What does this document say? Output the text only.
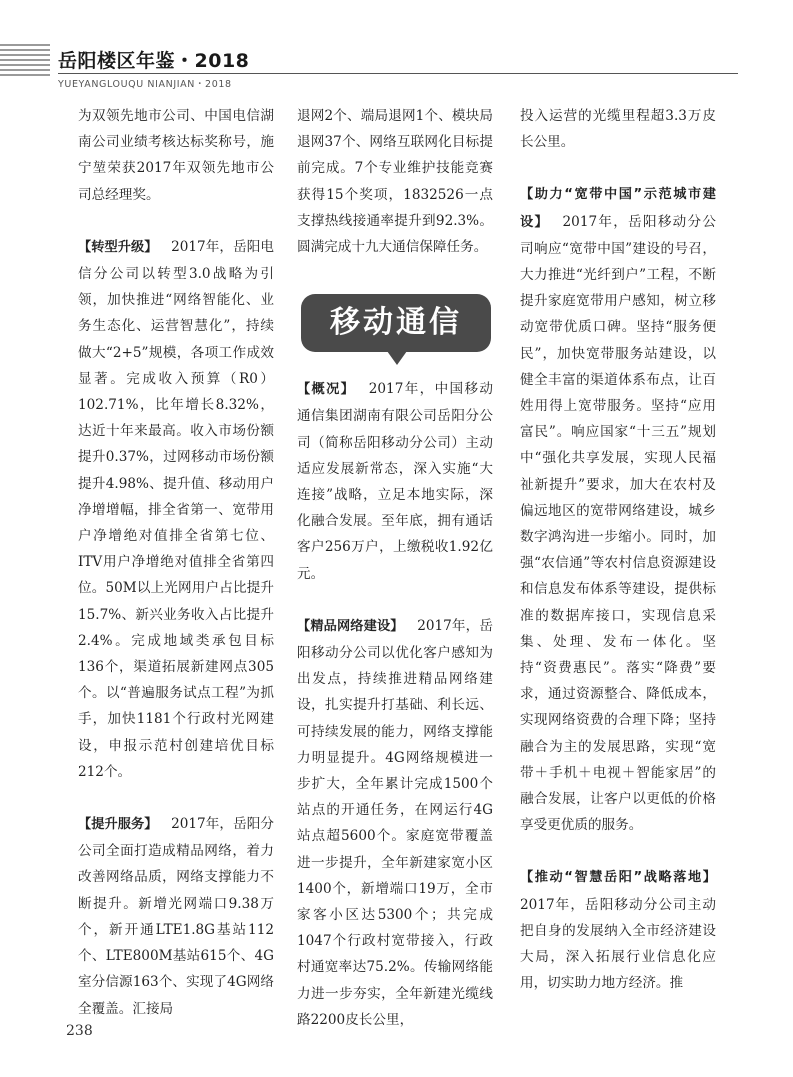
岳阳楼区年鉴・2018
YUEYANGLOUQU NIANJIAN・2018

为双领先地市公司、中国电信湖南公司业绩考核达标奖称号，施宁堃荣获2017年双领先地市公司总经理奖。

【转型升级】  2017年，岳阳电信分公司以转型3.0战略为引领，加快推进“网络智能化、业务生态化、运营智慧化”，持续做大“2+5”规模，各项工作成效显著。完成收入预算（R0）102.71%，比年增长8.32%，达近十年来最高。收入市场份额提升0.37%，过网移动市场份额提升4.98%、提升值、移动用户净增增幅，排全省第一、宽带用户净增绝对值排全省第七位、ITV用户净增绝对值排全省第四位。50M以上光网用户占比提升15.7%、新兴业务收入占比提升2.4%。完成地域类承包目标136个，渠道拓展新建网点305个。以“普遍服务试点工程”为抓手，加快1181个行政村光网建设，申报示范村创建培优目标212个。

【提升服务】  2017年，岳阳分公司全面打造成精品网络，着力改善网络品质，网络支撑能力不断提升。新增光网端口9.38万个，新开通LTE1.8G基站112个、LTE800M基站615个、4G室分信源163个、实现了4G网络全覆盖。汇接局

退网2个、端局退网1个、模块局退网37个、网络互联网化目标提前完成。7个专业维护技能竞赛获得15个奖项，1832526一点支撑热线接通率提升到92.3%。圆满完成十九大通信保障任务。

移动通信

【概况】  2017年，中国移动通信集团湖南有限公司岳阳分公司（简称岳阳移动分公司）主动适应发展新常态，深入实施“大连接”战略，立足本地实际，深化融合发展。至年底，拥有通话客户256万户，上缴税收1.92亿元。

【精品网络建设】  2017年，岳阳移动分公司以优化客户感知为出发点，持续推进精品网络建设，扎实提升打基础、利长远、可持续发展的能力，网络支撑能力明显提升。4G网络规模进一步扩大，全年累计完成1500个站点的开通任务，在网运行4G站点超5600个。家庭宽带覆盖进一步提升，全年新建家宽小区1400个，新增端口19万，全市家客小区达5300个；共完成1047个行政村宽带接入，行政村通宽率达75.2%。传输网络能力进一步夯实，全年新建光缆线路2200皮长公里，

投入运营的光缆里程超3.3万皮长公里。

【助力“宽带中国”示范城市建设】  2017年，岳阳移动分公司响应“宽带中国”建设的号召，大力推进“光纤到户”工程，不断提升家庭宽带用户感知，树立移动宽带优质口碑。坚持“服务便民”，加快宽带服务站建设，以健全丰富的渠道体系布点，让百姓用得上宽带服务。坚持“应用富民”。响应国家“十三五”规划中“强化共享发展，实现人民福祉新提升”要求，加大在农村及偏远地区的宽带网络建设，城乡数字鸿沟进一步缩小。同时，加强“农信通”等农村信息资源建设和信息发布体系等建设，提供标准的数据库接口，实现信息采集、处理、发布一体化。坚持“资费惠民”。落实“降费”要求，通过资源整合、降低成本，实现网络资费的合理下降；坚持融合为主的发展思路，实现“宽带＋手机＋电视＋智能家居”的融合发展，让客户以更低的价格享受更优质的服务。

【推动“智慧岳阳”战略落地】2017年，岳阳移动分公司主动把自身的发展纳入全市经济建设大局，深入拓展行业信息化应用，切实助力地方经济。推

238
